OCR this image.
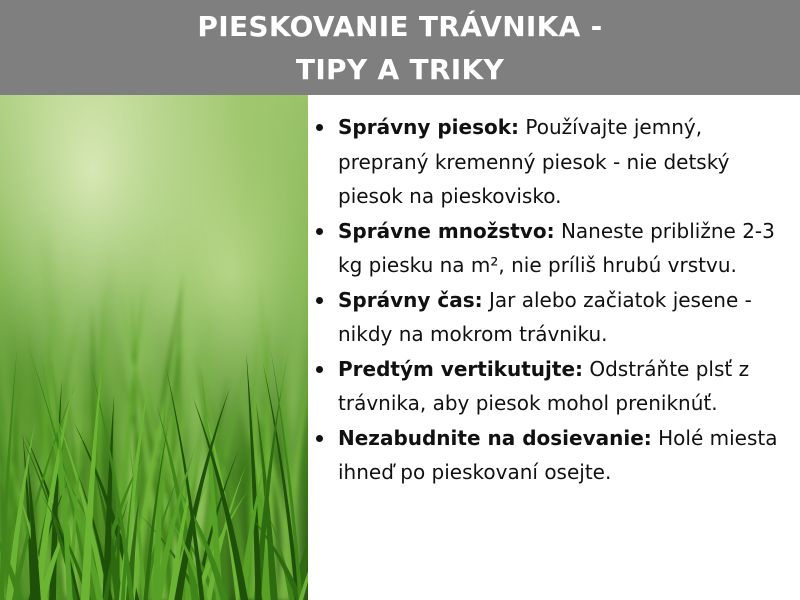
PIESKOVANIE TRÁVNIKA -
TIPY A TRIKY
Správny piesok: Používajte jemný, prepraný kremenný piesok - nie detský piesok na pieskovisko.
Správne množstvo: Naneste približne 2-3 kg piesku na m², nie príliš hrubú vrstvu.
Správny čas: Jar alebo začiatok jesene - nikdy na mokrom trávniku.
Predtým vertikutujte: Odstráňte plsť z trávnika, aby piesok mohol preniknúť.
Nezabudnite na dosievanie: Holé miesta ihneď po pieskovaní osejte.
